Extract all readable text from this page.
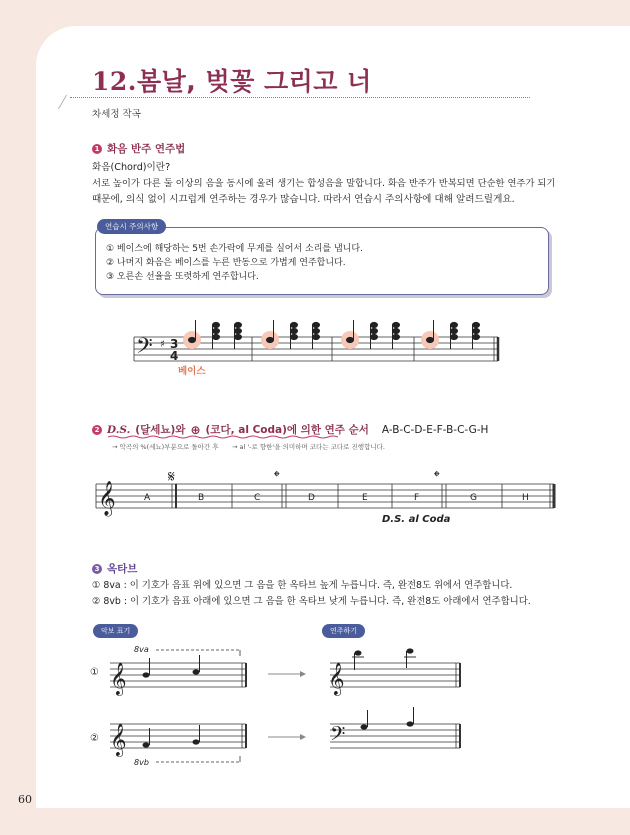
12.봄날, 벚꽃 그리고 너
차세정 작곡
1 화음 반주 연주법
화음(Chord)이란?
서로 높이가 다른 둘 이상의 음을 동시에 울려 생기는 합성음을 말합니다. 화음 반주가 반복되면 단순한 연주가 되기
때문에, 의식 없이 시끄럽게 연주하는 경우가 많습니다. 따라서 연습시 주의사항에 대해 알려드릴게요.
① 베이스에 해당하는 5번 손가락에 무게를 실어서 소리를 냅니다.
② 나머지 화음은 베이스를 누른 반동으로 가볍게 연주합니다.
③ 오른손 선율을 또렷하게 연주합니다.
연습시 주의사항
𝄢 ♯ 3
4
베이스
2 D.S. (달세뇨)와 ⊕ (코다, al Coda)에 의한 연주 순서 A-B-C-D-E-F-B-C-G-H
→ 악곡의 %(세뇨)부분으로 돌아간 후 → al '-로 향한'을 의미하며 코다는 코다로 진행합니다.
𝄞
𝄋	𝄌	𝄌
A	B	C	D	E	F	G	H
D.S. al Coda
3 옥타브
① 8va : 이 기호가 음표 위에 있으면 그 음을 한 옥타브 높게 누릅니다. 즉, 완전8도 위에서 연주합니다.
② 8vb : 이 기호가 음표 아래에 있으면 그 음을 한 옥타브 낮게 누릅니다. 즉, 완전8도 아래에서 연주합니다.
악보 표기	연주하기
①
②
8va
𝄞	𝄞
8vb
𝄞	𝄢
60
